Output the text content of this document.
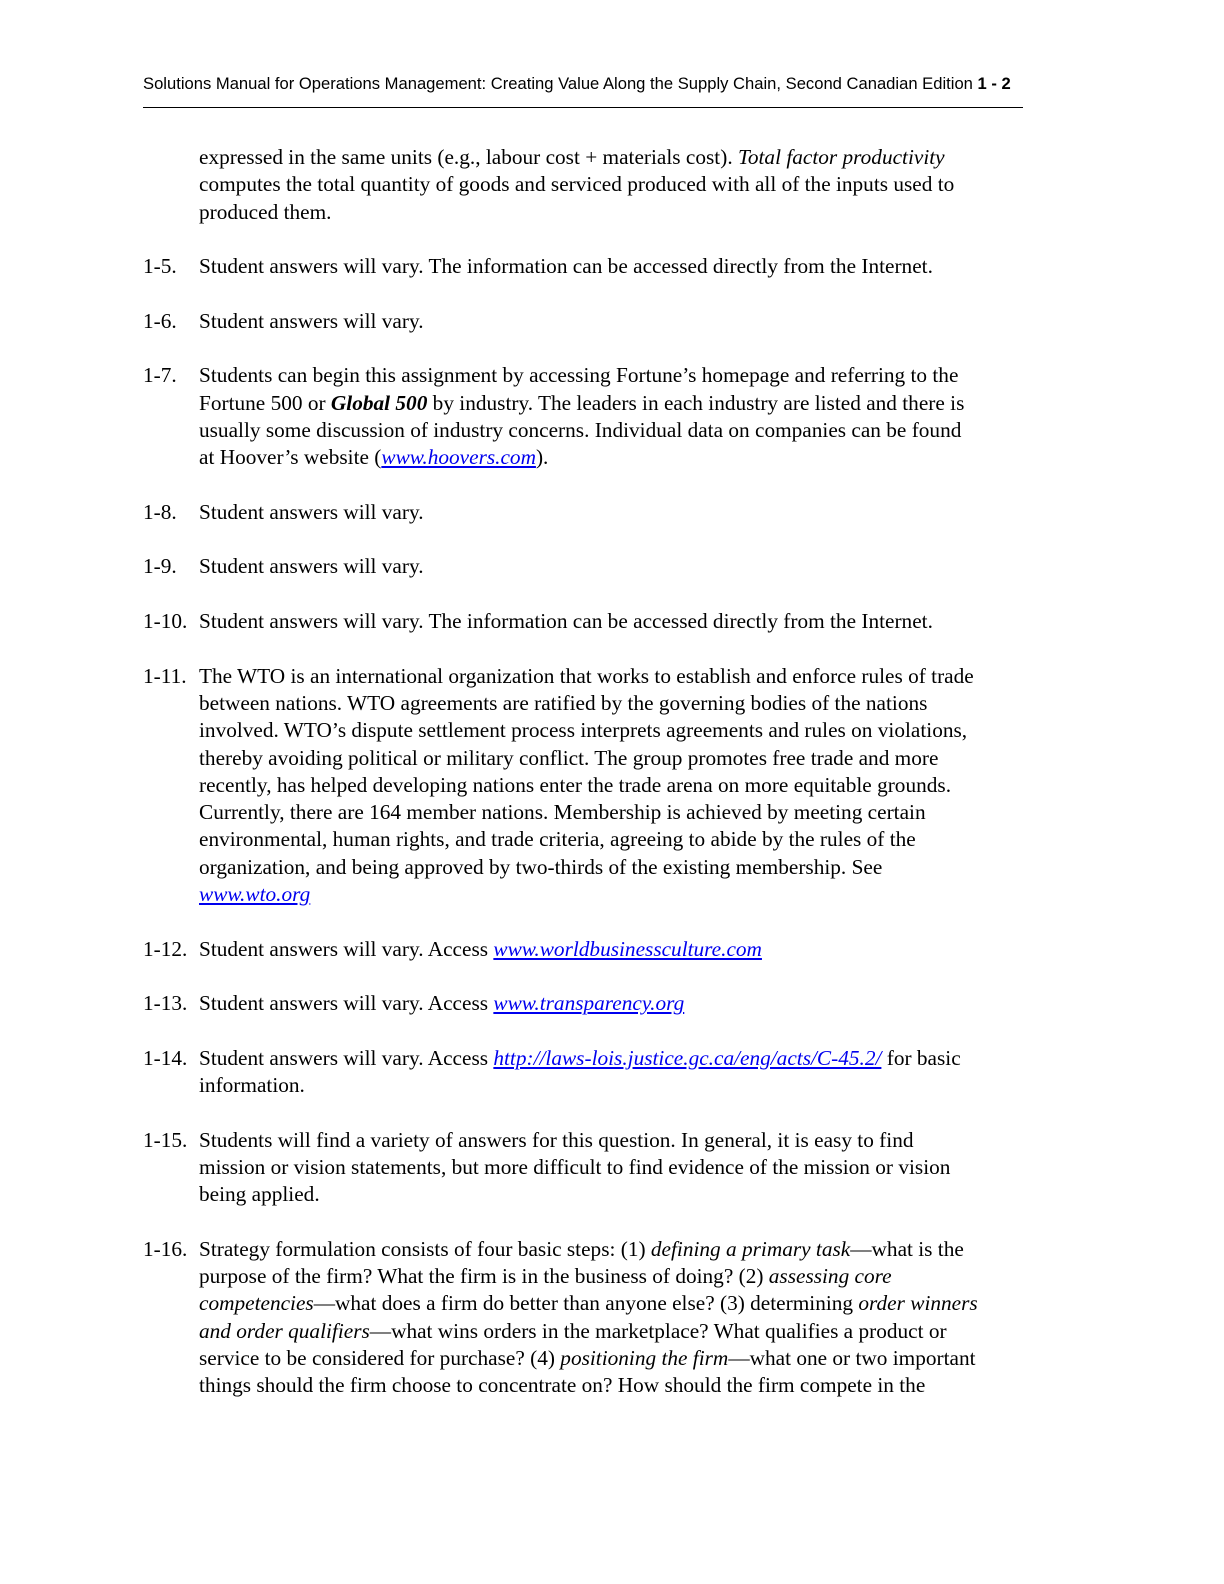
Solutions Manual for Operations Management: Creating Value Along the Supply Chain, Second Canadian Edition 1 - 2

expressed in the same units (e.g., labour cost + materials cost). Total factor productivity

computes the total quantity of goods and serviced produced with all of the inputs used to

produced them.

1-5. Student answers will vary. The information can be accessed directly from the Internet.

1-6. Student answers will vary.

1-7. Students can begin this assignment by accessing Fortune’s homepage and referring to the

Fortune 500 or Global 500 by industry. The leaders in each industry are listed and there is

usually some discussion of industry concerns. Individual data on companies can be found

at Hoover’s website (www.hoovers.com).

1-8. Student answers will vary.

1-9. Student answers will vary.

1-10. Student answers will vary. The information can be accessed directly from the Internet.

1-11. The WTO is an international organization that works to establish and enforce rules of trade

between nations. WTO agreements are ratified by the governing bodies of the nations

involved. WTO’s dispute settlement process interprets agreements and rules on violations,

thereby avoiding political or military conflict. The group promotes free trade and more

recently, has helped developing nations enter the trade arena on more equitable grounds.

Currently, there are 164 member nations. Membership is achieved by meeting certain

environmental, human rights, and trade criteria, agreeing to abide by the rules of the

organization, and being approved by two-thirds of the existing membership. See

www.wto.org

1-12. Student answers will vary. Access www.worldbusinessculture.com

1-13. Student answers will vary. Access www.transparency.org

1-14. Student answers will vary. Access http://laws-lois.justice.gc.ca/eng/acts/C-45.2/ for basic

information.

1-15. Students will find a variety of answers for this question. In general, it is easy to find

mission or vision statements, but more difficult to find evidence of the mission or vision

being applied.

1-16. Strategy formulation consists of four basic steps: (1) defining a primary task—what is the

purpose of the firm? What the firm is in the business of doing? (2) assessing core

competencies—what does a firm do better than anyone else? (3) determining order winners

and order qualifiers—what wins orders in the marketplace? What qualifies a product or

service to be considered for purchase? (4) positioning the firm—what one or two important

things should the firm choose to concentrate on? How should the firm compete in the
